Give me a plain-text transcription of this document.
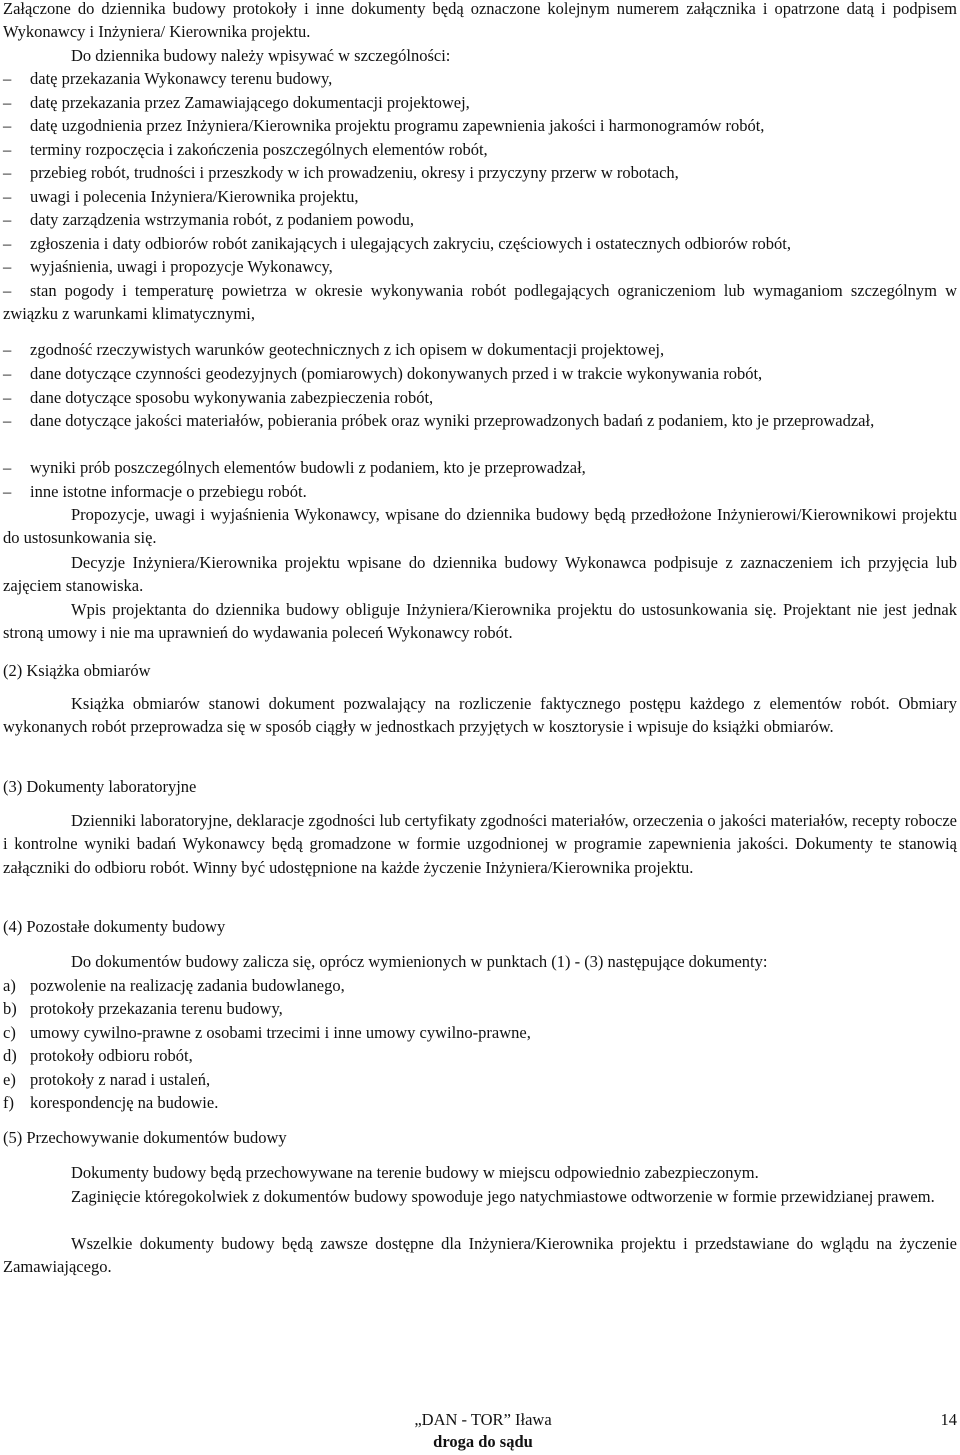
Załączone do dziennika budowy protokoły i inne dokumenty będą oznaczone kolejnym numerem załącznika i opatrzone datą i podpisem Wykonawcy i Inżyniera/ Kierownika projektu.

Do dziennika budowy należy wpisywać w szczególności:

–	datę przekazania Wykonawcy terenu budowy,
–	datę przekazania przez Zamawiającego dokumentacji projektowej,
–	datę uzgodnienia przez Inżyniera/Kierownika projektu programu zapewnienia jakości i harmonogramów robót,
–	terminy rozpoczęcia i zakończenia poszczególnych elementów robót,
–	przebieg robót, trudności i przeszkody w ich prowadzeniu, okresy i przyczyny przerw w robotach,
–	uwagi i polecenia Inżyniera/Kierownika projektu,
–	daty zarządzenia wstrzymania robót, z podaniem powodu,
–	zgłoszenia i daty odbiorów robót zanikających i ulegających zakryciu, częściowych i ostatecznych odbiorów robót,
–	wyjaśnienia, uwagi i propozycje Wykonawcy,
–	stan pogody i temperaturę powietrza w okresie wykonywania robót podlegających ograniczeniom lub wymaganiom szczególnym w związku z warunkami klimatycznymi,
–	zgodność rzeczywistych warunków geotechnicznych z ich opisem w dokumentacji projektowej,
–	dane dotyczące czynności geodezyjnych (pomiarowych) dokonywanych przed i w trakcie wykonywania robót,
–	dane dotyczące sposobu wykonywania zabezpieczenia robót,
–	dane dotyczące jakości materiałów, pobierania próbek oraz wyniki przeprowadzonych badań z podaniem, kto je przeprowadzał,
–	wyniki prób poszczególnych elementów budowli z podaniem, kto je przeprowadzał,
–	inne istotne informacje o przebiegu robót.

Propozycje, uwagi i wyjaśnienia Wykonawcy, wpisane do dziennika budowy będą przedłożone Inżynierowi/Kierownikowi projektu do ustosunkowania się.

Decyzje Inżyniera/Kierownika projektu wpisane do dziennika budowy Wykonawca podpisuje z zaznaczeniem ich przyjęcia lub zajęciem stanowiska.

Wpis projektanta do dziennika budowy obliguje Inżyniera/Kierownika projektu do ustosunkowania się. Projektant nie jest jednak stroną umowy i nie ma uprawnień do wydawania poleceń Wykonawcy robót.

(2) Książka obmiarów

Książka obmiarów stanowi dokument pozwalający na rozliczenie faktycznego postępu każdego z elementów robót. Obmiary wykonanych robót przeprowadza się w sposób ciągły w jednostkach przyjętych w kosztorysie i wpisuje do książki obmiarów.

(3) Dokumenty laboratoryjne

Dzienniki laboratoryjne, deklaracje zgodności lub certyfikaty zgodności materiałów, orzeczenia o jakości materiałów, recepty robocze i kontrolne wyniki badań Wykonawcy będą gromadzone w formie uzgodnionej w programie zapewnienia jakości. Dokumenty te stanowią załączniki do odbioru robót. Winny być udostępnione na każde życzenie Inżyniera/Kierownika projektu.

(4) Pozostałe dokumenty budowy

Do dokumentów budowy zalicza się, oprócz wymienionych w punktach (1) - (3) następujące dokumenty:

a) pozwolenie na realizację zadania budowlanego,
b) protokoły przekazania terenu budowy,
c) umowy cywilno-prawne z osobami trzecimi i inne umowy cywilno-prawne,
d) protokoły odbioru robót,
e) protokoły z narad i ustaleń,
f) korespondencję na budowie.
(5) Przechowywanie dokumentów budowy

Dokumenty budowy będą przechowywane na terenie budowy w miejscu odpowiednio zabezpieczonym.

Zaginięcie któregokolwiek z dokumentów budowy spowoduje jego natychmiastowe odtworzenie w formie przewidzianej prawem.

Wszelkie dokumenty budowy będą zawsze dostępne dla Inżyniera/Kierownika projektu i przedstawiane do wglądu na życzenie Zamawiającego.

„DAN - TOR” Iława
droga do sądu
14
